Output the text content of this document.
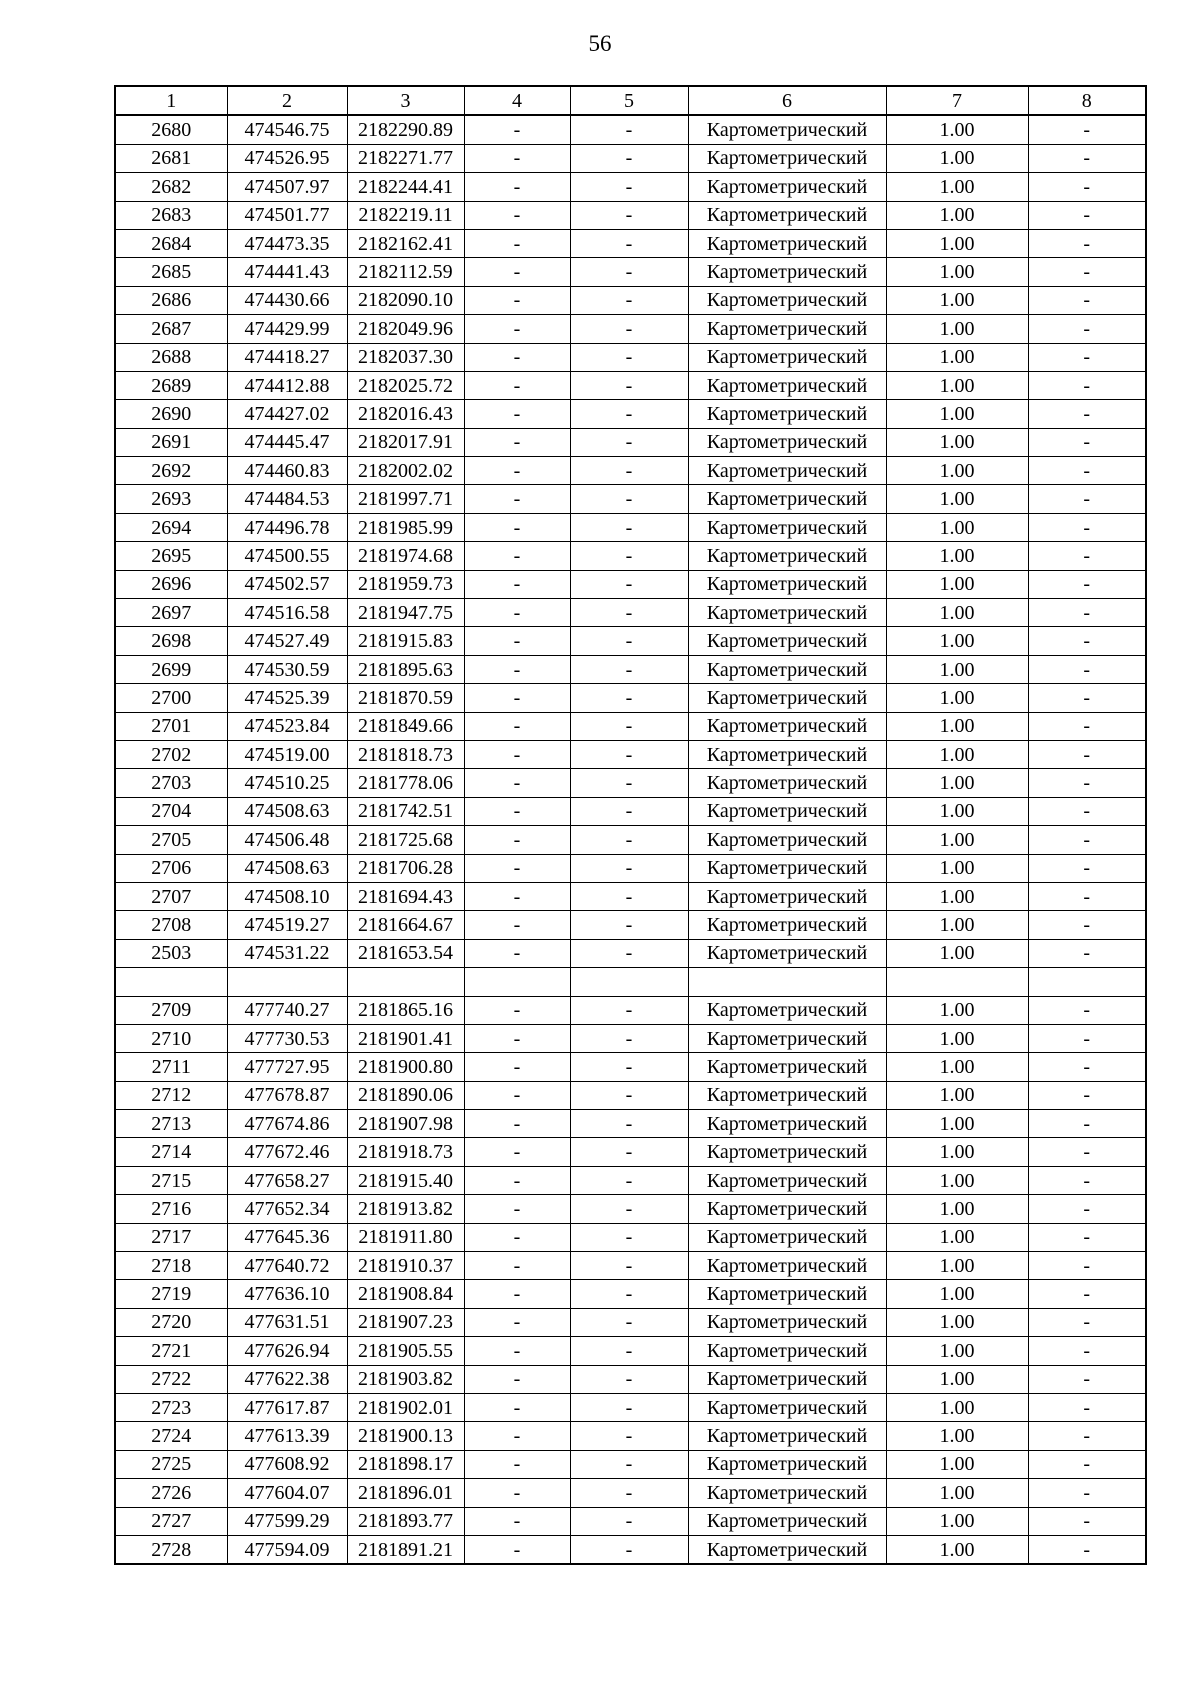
56
1	2	3	4	5	6	7	8
2680	474546.75	2182290.89	-	-	Картометрический	1.00	-
2681	474526.95	2182271.77	-	-	Картометрический	1.00	-
2682	474507.97	2182244.41	-	-	Картометрический	1.00	-
2683	474501.77	2182219.11	-	-	Картометрический	1.00	-
2684	474473.35	2182162.41	-	-	Картометрический	1.00	-
2685	474441.43	2182112.59	-	-	Картометрический	1.00	-
2686	474430.66	2182090.10	-	-	Картометрический	1.00	-
2687	474429.99	2182049.96	-	-	Картометрический	1.00	-
2688	474418.27	2182037.30	-	-	Картометрический	1.00	-
2689	474412.88	2182025.72	-	-	Картометрический	1.00	-
2690	474427.02	2182016.43	-	-	Картометрический	1.00	-
2691	474445.47	2182017.91	-	-	Картометрический	1.00	-
2692	474460.83	2182002.02	-	-	Картометрический	1.00	-
2693	474484.53	2181997.71	-	-	Картометрический	1.00	-
2694	474496.78	2181985.99	-	-	Картометрический	1.00	-
2695	474500.55	2181974.68	-	-	Картометрический	1.00	-
2696	474502.57	2181959.73	-	-	Картометрический	1.00	-
2697	474516.58	2181947.75	-	-	Картометрический	1.00	-
2698	474527.49	2181915.83	-	-	Картометрический	1.00	-
2699	474530.59	2181895.63	-	-	Картометрический	1.00	-
2700	474525.39	2181870.59	-	-	Картометрический	1.00	-
2701	474523.84	2181849.66	-	-	Картометрический	1.00	-
2702	474519.00	2181818.73	-	-	Картометрический	1.00	-
2703	474510.25	2181778.06	-	-	Картометрический	1.00	-
2704	474508.63	2181742.51	-	-	Картометрический	1.00	-
2705	474506.48	2181725.68	-	-	Картометрический	1.00	-
2706	474508.63	2181706.28	-	-	Картометрический	1.00	-
2707	474508.10	2181694.43	-	-	Картометрический	1.00	-
2708	474519.27	2181664.67	-	-	Картометрический	1.00	-
2503	474531.22	2181653.54	-	-	Картометрический	1.00	-

2709	477740.27	2181865.16	-	-	Картометрический	1.00	-
2710	477730.53	2181901.41	-	-	Картометрический	1.00	-
2711	477727.95	2181900.80	-	-	Картометрический	1.00	-
2712	477678.87	2181890.06	-	-	Картометрический	1.00	-
2713	477674.86	2181907.98	-	-	Картометрический	1.00	-
2714	477672.46	2181918.73	-	-	Картометрический	1.00	-
2715	477658.27	2181915.40	-	-	Картометрический	1.00	-
2716	477652.34	2181913.82	-	-	Картометрический	1.00	-
2717	477645.36	2181911.80	-	-	Картометрический	1.00	-
2718	477640.72	2181910.37	-	-	Картометрический	1.00	-
2719	477636.10	2181908.84	-	-	Картометрический	1.00	-
2720	477631.51	2181907.23	-	-	Картометрический	1.00	-
2721	477626.94	2181905.55	-	-	Картометрический	1.00	-
2722	477622.38	2181903.82	-	-	Картометрический	1.00	-
2723	477617.87	2181902.01	-	-	Картометрический	1.00	-
2724	477613.39	2181900.13	-	-	Картометрический	1.00	-
2725	477608.92	2181898.17	-	-	Картометрический	1.00	-
2726	477604.07	2181896.01	-	-	Картометрический	1.00	-
2727	477599.29	2181893.77	-	-	Картометрический	1.00	-
2728	477594.09	2181891.21	-	-	Картометрический	1.00	-
